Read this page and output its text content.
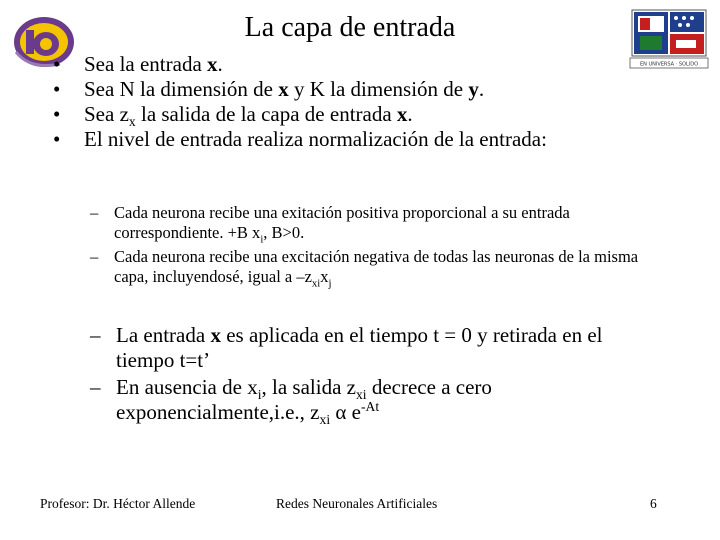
EN UNIVERSA · SOLIDO
La capa de entrada
• Sea la entrada x.
• Sea N la dimensión de x y K la dimensión de y.
• Sea $z_x$ la salida de la capa de entrada x.
• El nivel de entrada realiza normalización de la entrada:
– Cada neurona recibe una exitación positiva proporcional a su entrada correspondiente. +B $x_i$, B>0.
– Cada neurona recibe una excitación negativa de todas las neuronas de la misma capa, incluyendosé, igual a $-z_{xi}x_j$
– La entrada x es aplicada en el tiempo t = 0 y retirada en el tiempo t=t’
– En ausencia de $x_i$, la salida $z_{xi}$ decrece a cero exponencialmente,i.e., $z_{xi}$ α $e^{-At}$
Profesor: Dr. Héctor Allende	Redes Neuronales Artificiales	6
